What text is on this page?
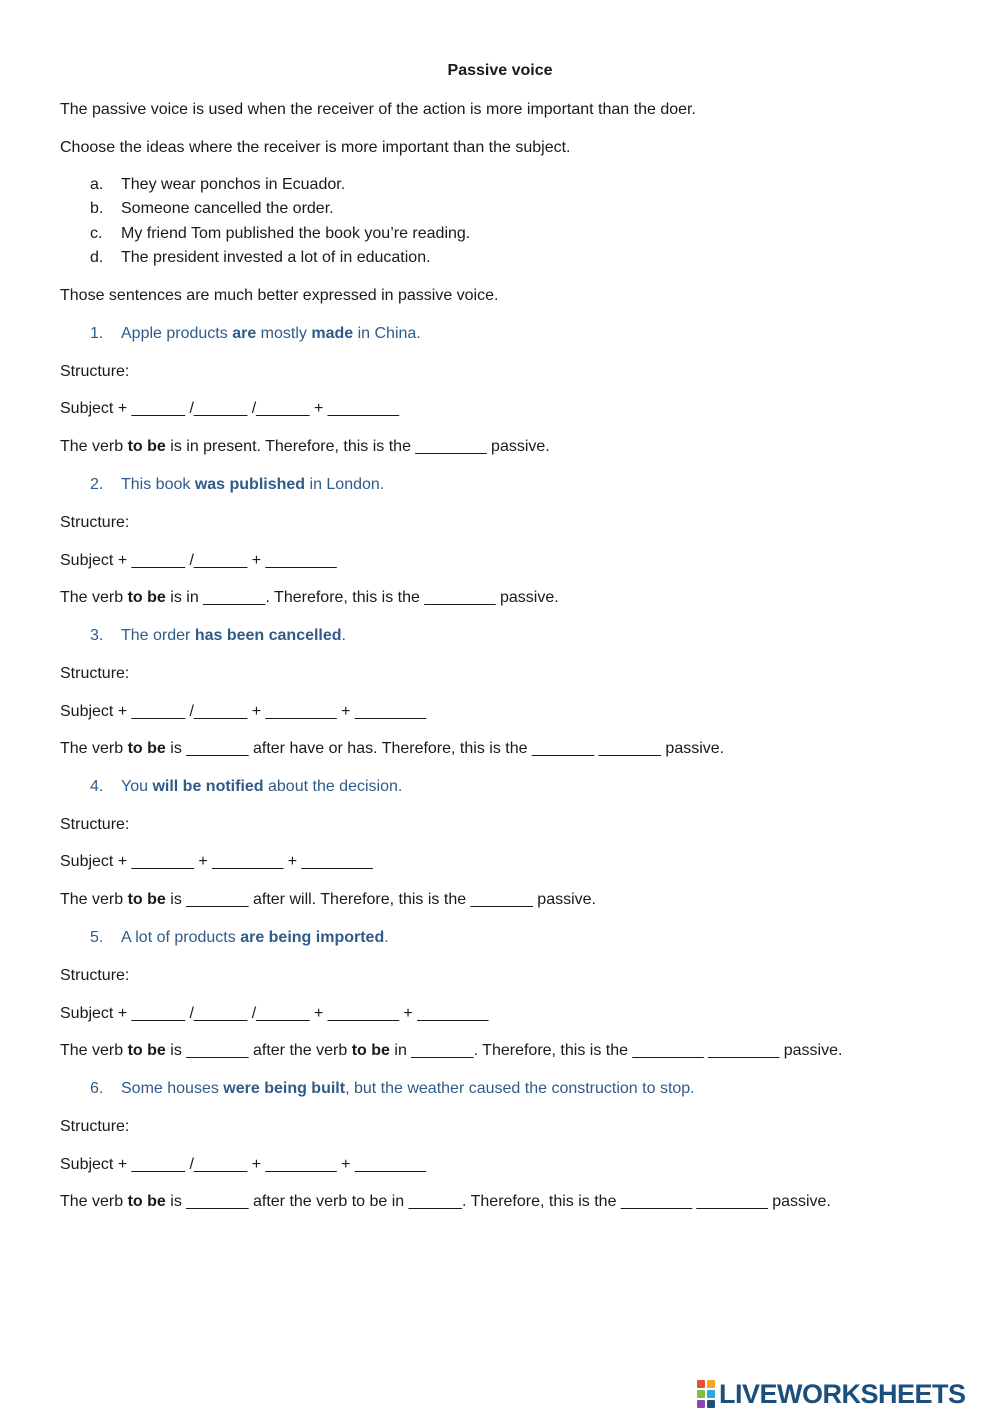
Passive voice
The passive voice is used when the receiver of the action is more important than the doer.
Choose the ideas where the receiver is more important than the subject.
a. They wear ponchos in Ecuador.
b. Someone cancelled the order.
c. My friend Tom published the book you’re reading.
d. The president invested a lot of in education.
Those sentences are much better expressed in passive voice.
1. Apple products are mostly made in China.
Structure:
Subject + ______ /______ /______ + ________
The verb to be is in present. Therefore, this is the ________ passive.
2. This book was published in London.
Structure:
Subject + ______ /______ + ________
The verb to be is in _______. Therefore, this is the ________ passive.
3. The order has been cancelled.
Structure:
Subject + ______ /______ + ________ + ________
The verb to be is _______ after have or has. Therefore, this is the _______ _______ passive.
4. You will be notified about the decision.
Structure:
Subject + _______ + ________ + ________
The verb to be is _______ after will. Therefore, this is the _______ passive.
5. A lot of products are being imported.
Structure:
Subject + ______ /______ /______ + ________ + ________
The verb to be is _______ after the verb to be in _______. Therefore, this is the ________ ________ passive.
6. Some houses were being built, but the weather caused the construction to stop.
Structure:
Subject + ______ /______ + ________ + ________
The verb to be is _______ after the verb to be in ______. Therefore, this is the ________ ________ passive.
LIVEWORKSHEETS
